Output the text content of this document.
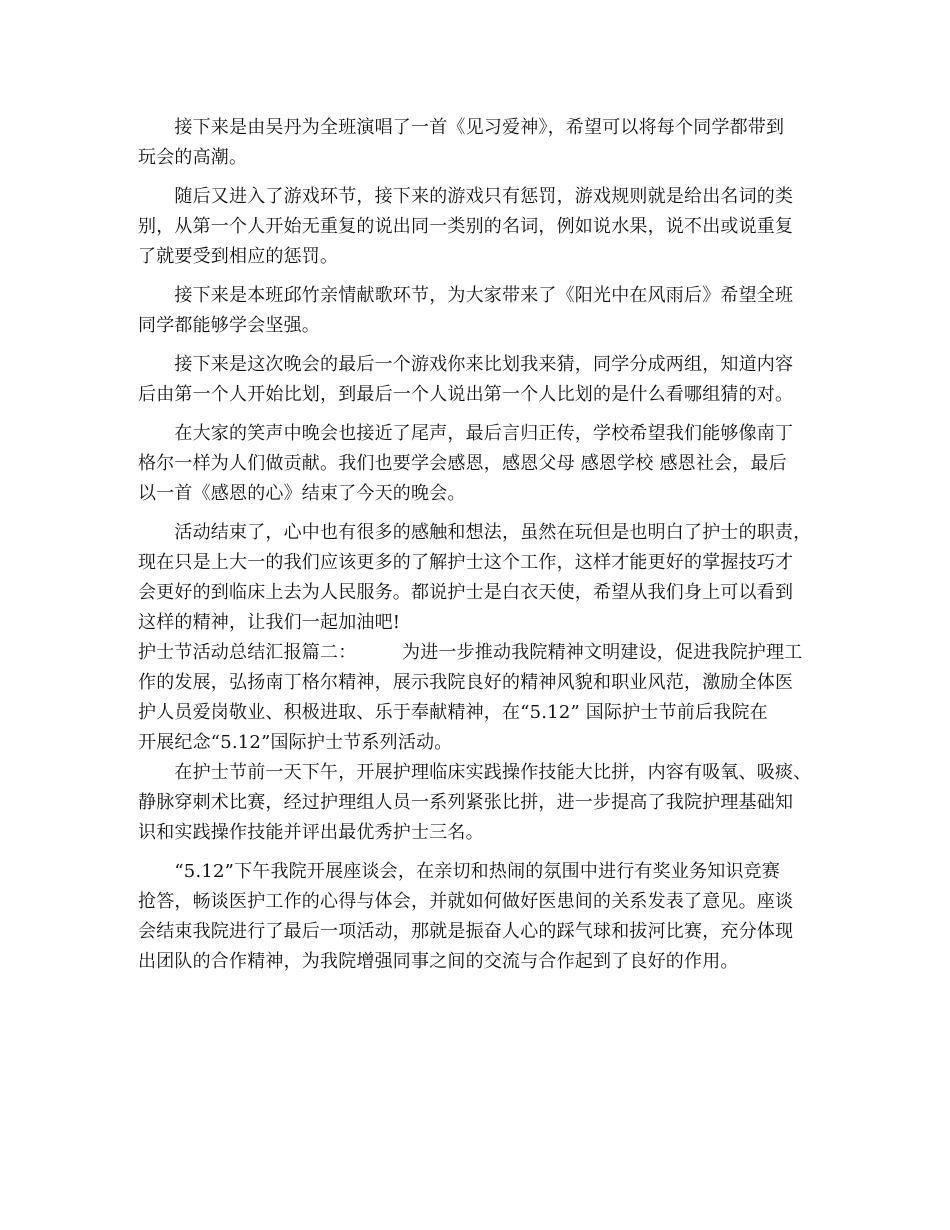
　　接下来是由吴丹为全班演唱了一首《见习爱神》，希望可以将每个同学都带到
玩会的高潮。
　　随后又进入了游戏环节，接下来的游戏只有惩罚，游戏规则就是给出名词的类
别，从第一个人开始无重复的说出同一类别的名词，例如说水果，说不出或说重复
了就要受到相应的惩罚。
　　接下来是本班邱竹亲情献歌环节，为大家带来了《阳光中在风雨后》希望全班
同学都能够学会坚强。
　　接下来是这次晚会的最后一个游戏你来比划我来猜，同学分成两组，知道内容
后由第一个人开始比划，到最后一个人说出第一个人比划的是什么看哪组猜的对。
　　在大家的笑声中晚会也接近了尾声，最后言归正传，学校希望我们能够像南丁
格尔一样为人们做贡献。我们也要学会感恩，感恩父母 感恩学校 感恩社会，最后
以一首《感恩的心》结束了今天的晚会。
　　活动结束了，心中也有很多的感触和想法，虽然在玩但是也明白了护士的职责，
现在只是上大一的我们应该更多的了解护士这个工作，这样才能更好的掌握技巧才
会更好的到临床上去为人民服务。都说护士是白衣天使，希望从我们身上可以看到
这样的精神，让我们一起加油吧!
护士节活动总结汇报篇二：　　　为进一步推动我院精神文明建设，促进我院护理工
作的发展，弘扬南丁格尔精神，展示我院良好的精神风貌和职业风范，激励全体医
护人员爱岗敬业、积极进取、乐于奉献精神，在“5.12” 国际护士节前后我院在
开展纪念“5.12”国际护士节系列活动。
　　在护士节前一天下午，开展护理临床实践操作技能大比拼，内容有吸氧、吸痰、
静脉穿刺术比赛，经过护理组人员一系列紧张比拼，进一步提高了我院护理基础知
识和实践操作技能并评出最优秀护士三名。
　　“5.12”下午我院开展座谈会，在亲切和热闹的氛围中进行有奖业务知识竞赛
抢答，畅谈医护工作的心得与体会，并就如何做好医患间的关系发表了意见。座谈
会结束我院进行了最后一项活动，那就是振奋人心的踩气球和拔河比赛，充分体现
出团队的合作精神，为我院增强同事之间的交流与合作起到了良好的作用。
